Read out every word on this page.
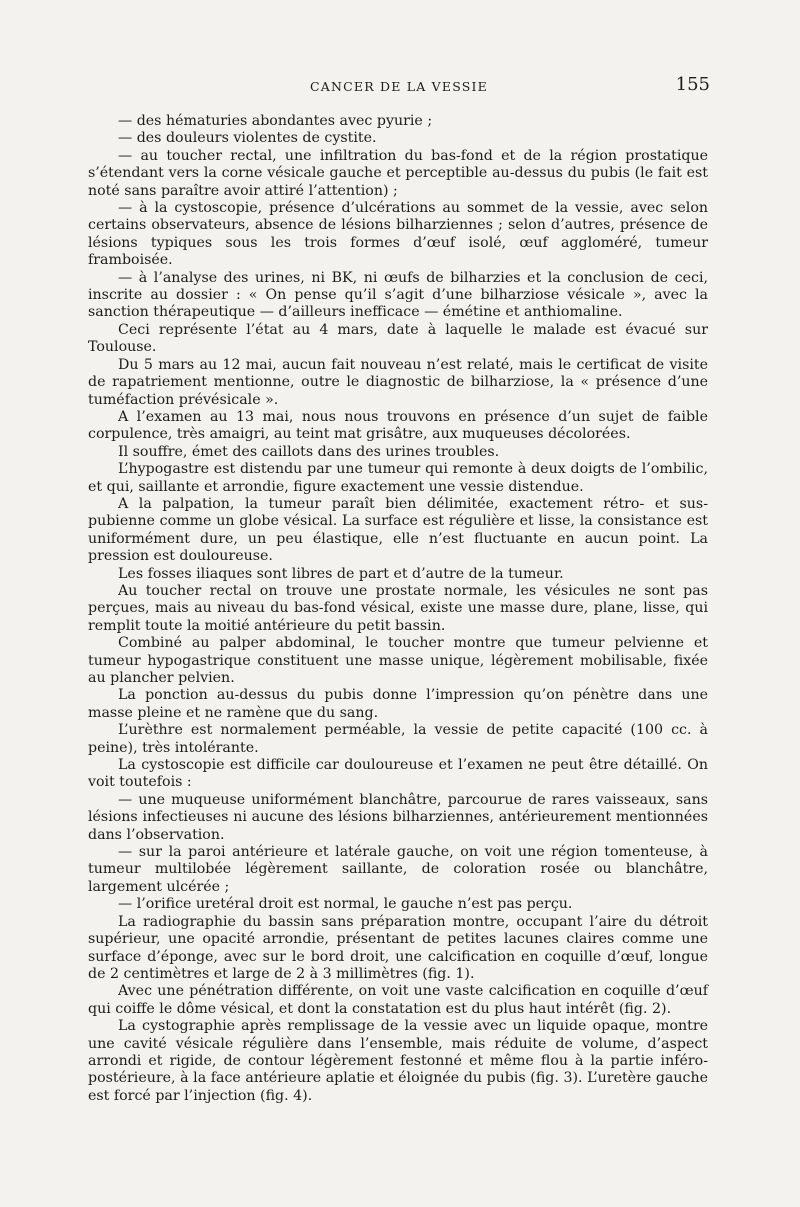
CANCER DE LA VESSIE	155

— des hématuries abondantes avec pyurie ;

— des douleurs violentes de cystite.

— au toucher rectal, une infiltration du bas-fond et de la région prostatique s’étendant vers la corne vésicale gauche et perceptible au-dessus du pubis (le fait est noté sans paraître avoir attiré l’attention) ;

— à la cystoscopie, présence d’ulcérations au sommet de la vessie, avec selon certains observateurs, absence de lésions bilharziennes ; selon d’autres, présence de lésions typiques sous les trois formes d’œuf isolé, œuf aggloméré, tumeur framboisée.

— à l’analyse des urines, ni BK, ni œufs de bilharzies et la conclusion de ceci, inscrite au dossier : « On pense qu’il s’agit d’une bilharziose vésicale », avec la sanction thérapeutique — d’ailleurs inefficace — émétine et anthiomaline.

Ceci représente l’état au 4 mars, date à laquelle le malade est évacué sur Toulouse.

Du 5 mars au 12 mai, aucun fait nouveau n’est relaté, mais le certificat de visite de rapatriement mentionne, outre le diagnostic de bilharziose, la « présence d’une tuméfaction prévésicale ».

A l’examen au 13 mai, nous nous trouvons en présence d’un sujet de faible corpulence, très amaigri, au teint mat grisâtre, aux muqueuses décolorées.

Il souffre, émet des caillots dans des urines troubles.

L’hypogastre est distendu par une tumeur qui remonte à deux doigts de l’ombilic, et qui, saillante et arrondie, figure exactement une vessie distendue.

A la palpation, la tumeur paraît bien délimitée, exactement rétro- et sus-pubienne comme un globe vésical. La surface est régulière et lisse, la consistance est uniformément dure, un peu élastique, elle n’est fluctuante en aucun point. La pression est douloureuse.

Les fosses iliaques sont libres de part et d’autre de la tumeur.

Au toucher rectal on trouve une prostate normale, les vésicules ne sont pas perçues, mais au niveau du bas-fond vésical, existe une masse dure, plane, lisse, qui remplit toute la moitié antérieure du petit bassin.

Combiné au palper abdominal, le toucher montre que tumeur pelvienne et tumeur hypogastrique constituent une masse unique, légèrement mobilisable, fixée au plancher pelvien.

La ponction au-dessus du pubis donne l’impression qu’on pénètre dans une masse pleine et ne ramène que du sang.

L’urèthre est normalement perméable, la vessie de petite capacité (100 cc. à peine), très intolérante.

La cystoscopie est difficile car douloureuse et l’examen ne peut être détaillé. On voit toutefois :

— une muqueuse uniformément blanchâtre, parcourue de rares vaisseaux, sans lésions infectieuses ni aucune des lésions bilharziennes, antérieurement mentionnées dans l’observation.

— sur la paroi antérieure et latérale gauche, on voit une région tomenteuse, à tumeur multilobée légèrement saillante, de coloration rosée ou blanchâtre, largement ulcérée ;

— l’orifice uretéral droit est normal, le gauche n’est pas perçu.

La radiographie du bassin sans préparation montre, occupant l’aire du détroit supérieur, une opacité arrondie, présentant de petites lacunes claires comme une surface d’éponge, avec sur le bord droit, une calcification en coquille d’œuf, longue de 2 centimètres et large de 2 à 3 millimètres (fig. 1).

Avec une pénétration différente, on voit une vaste calcification en coquille d’œuf qui coiffe le dôme vésical, et dont la constatation est du plus haut intérêt (fig. 2).

La cystographie après remplissage de la vessie avec un liquide opaque, montre une cavité vésicale régulière dans l’ensemble, mais réduite de volume, d’aspect arrondi et rigide, de contour légèrement festonné et même flou à la partie inféro-postérieure, à la face antérieure aplatie et éloignée du pubis (fig. 3). L’uretère gauche est forcé par l’injection (fig. 4).
